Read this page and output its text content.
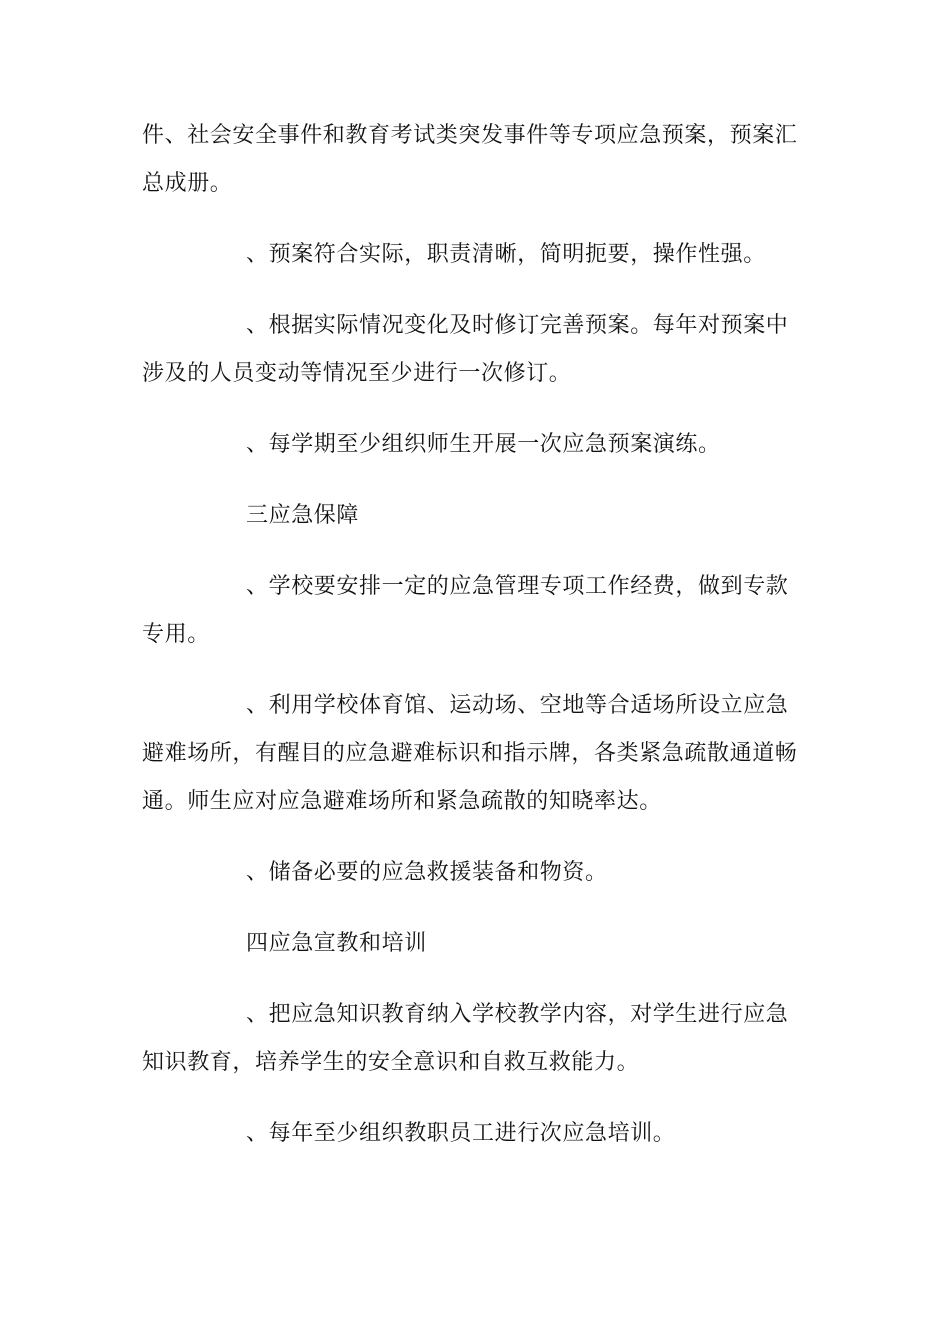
件、社会安全事件和教育考试类突发事件等专项应急预案，预案汇总成册。

、预案符合实际，职责清晰，简明扼要，操作性强。

、根据实际情况变化及时修订完善预案。每年对预案中涉及的人员变动等情况至少进行一次修订。

、每学期至少组织师生开展一次应急预案演练。

三应急保障

、学校要安排一定的应急管理专项工作经费，做到专款专用。

、利用学校体育馆、运动场、空地等合适场所设立应急避难场所，有醒目的应急避难标识和指示牌，各类紧急疏散通道畅通。师生应对应急避难场所和紧急疏散的知晓率达。

、储备必要的应急救援装备和物资。

四应急宣教和培训

、把应急知识教育纳入学校教学内容，对学生进行应急知识教育，培养学生的安全意识和自救互救能力。

、每年至少组织教职员工进行次应急培训。
